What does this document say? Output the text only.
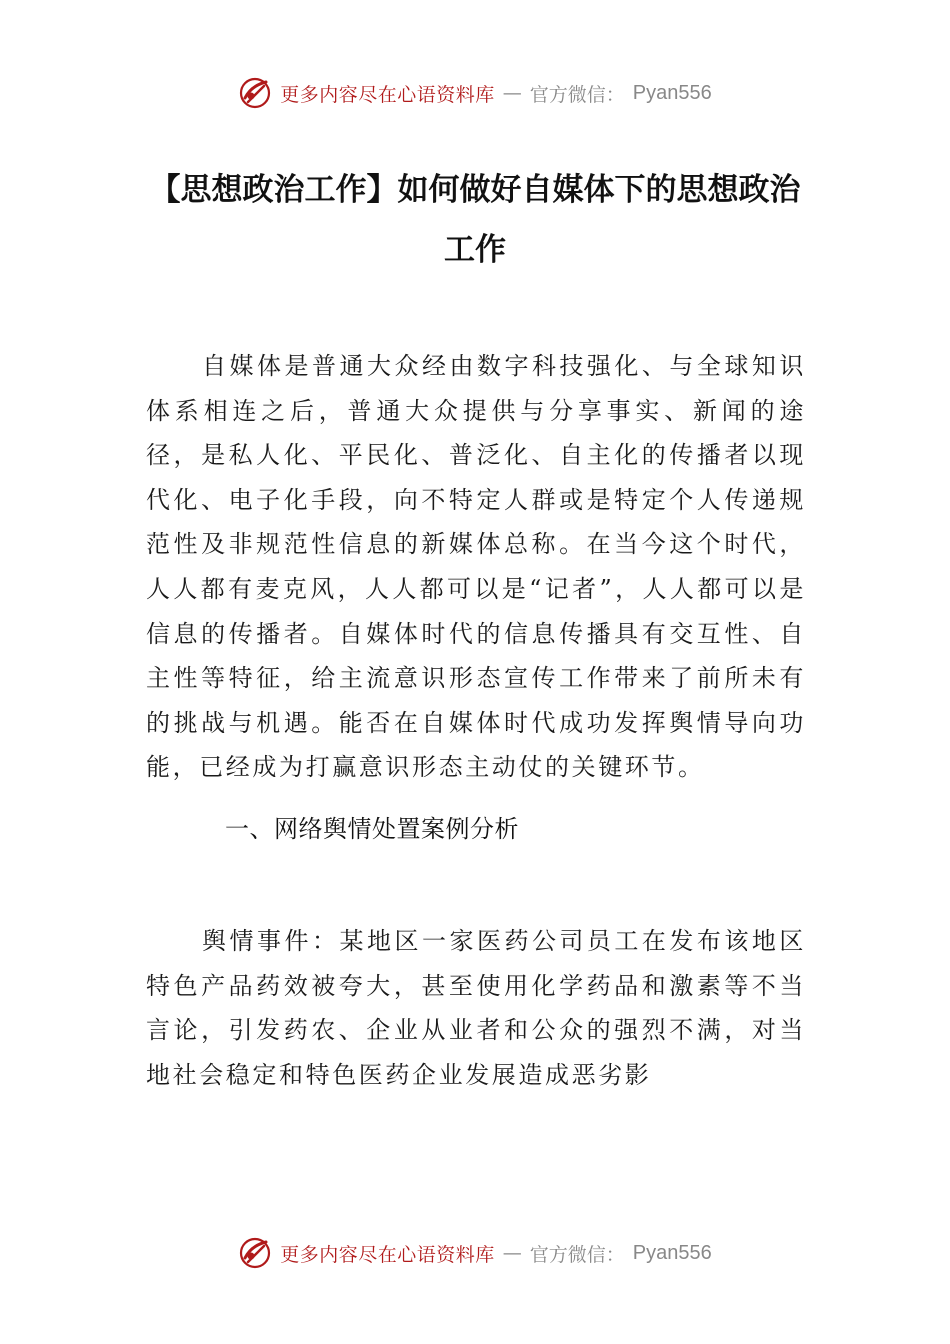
更多内容尽在心语资料库 — 官方微信： Pyan556
【思想政治工作】如何做好自媒体下的思想政治工作

自媒体是普通大众经由数字科技强化、与全球知识体系相连之后，普通大众提供与分享事实、新闻的途径，是私人化、平民化、普泛化、自主化的传播者以现代化、电子化手段，向不特定人群或是特定个人传递规范性及非规范性信息的新媒体总称。在当今这个时代，人人都有麦克风，人人都可以是“记者”，人人都可以是信息的传播者。自媒体时代的信息传播具有交互性、自主性等特征，给主流意识形态宣传工作带来了前所未有的挑战与机遇。能否在自媒体时代成功发挥舆情导向功能，已经成为打赢意识形态主动仗的关键环节。

一、网络舆情处置案例分析

舆情事件：某地区一家医药公司员工在发布该地区特色产品药效被夸大，甚至使用化学药品和激素等不当言论，引发药农、企业从业者和公众的强烈不满，对当地社会稳定和特色医药企业发展造成恶劣影

更多内容尽在心语资料库 — 官方微信： Pyan556
